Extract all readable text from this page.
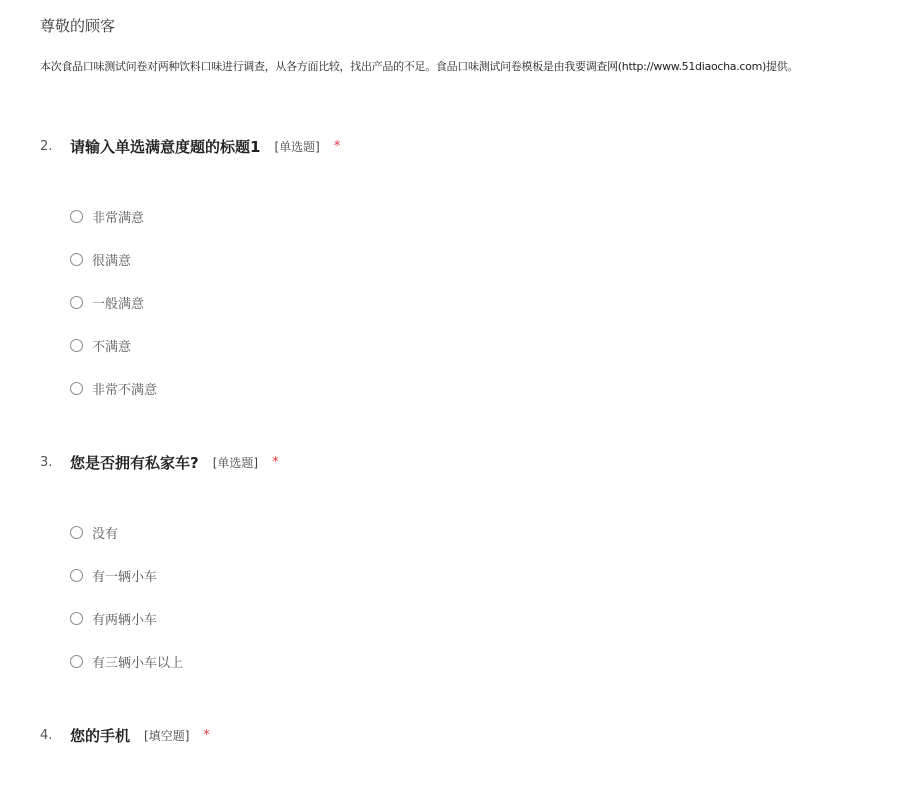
尊敬的顾客
本次食品口味测试问卷对两种饮料口味进行调查，从各方面比较，找出产品的不足。食品口味测试问卷模板是由我要调查网(http://www.51diaocha.com)提供。
2.	请输入单选满意度题的标题1 [单选题] *
非常满意
很满意
一般满意
不满意
非常不满意
3.	您是否拥有私家车? [单选题] *
没有
有一辆小车
有两辆小车
有三辆小车以上
4.	您的手机 [填空题] *
